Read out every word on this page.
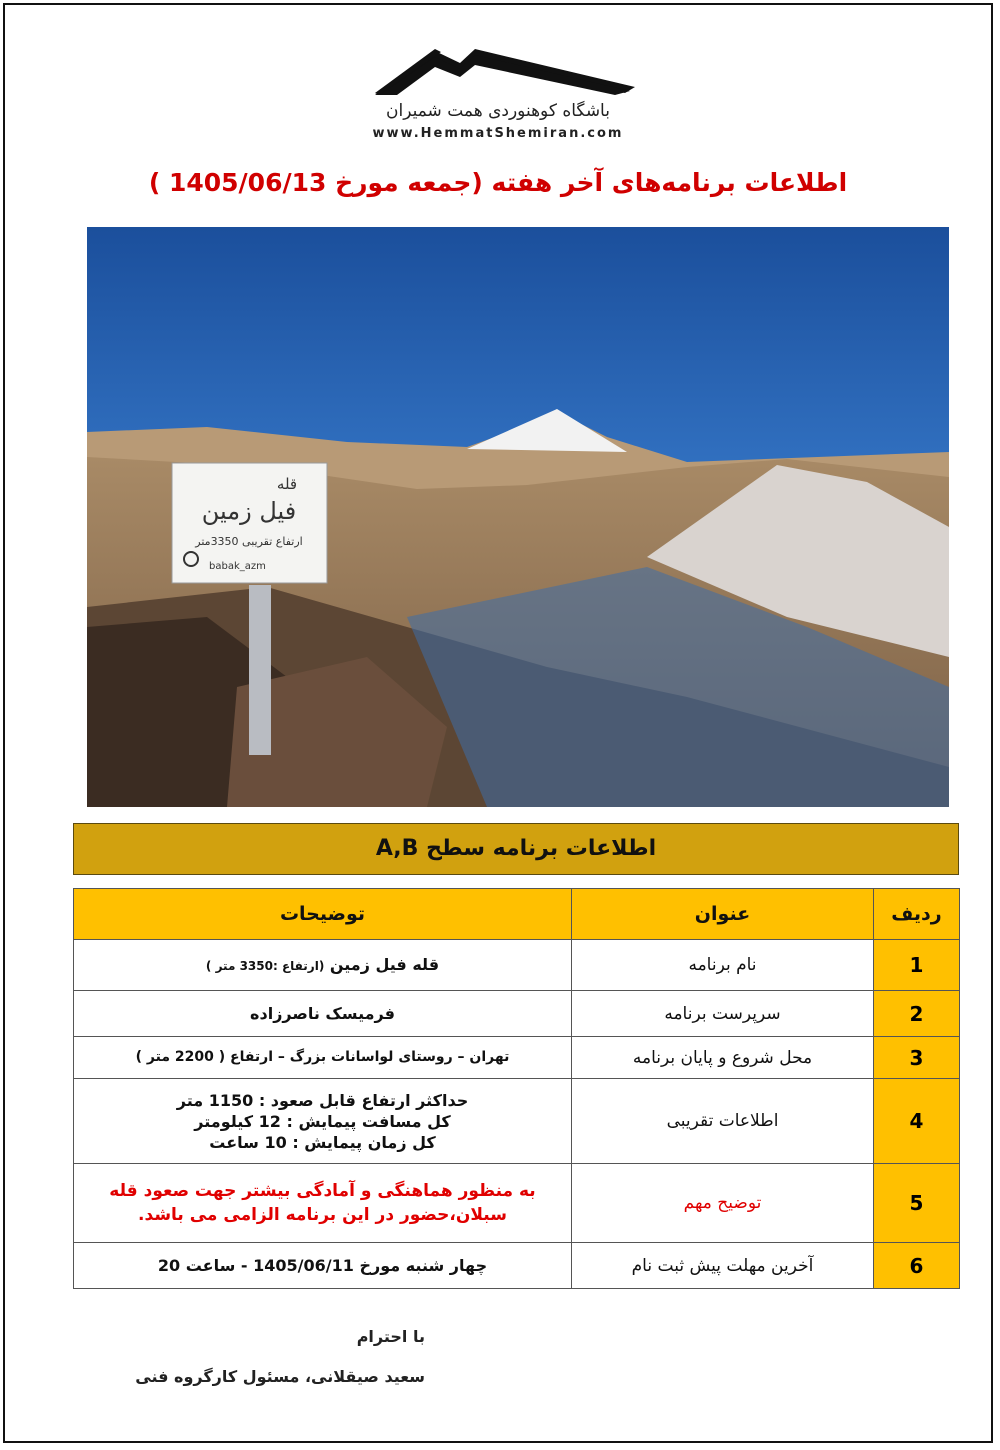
باشگاه کوهنوردی همت شمیران
www.HemmatShemiran.com
اطلاعات برنامه‌های آخر هفته (جمعه مورخ 1405/06/13 )
قله
فیل زمین
ارتفاع تقریبی 3350متر
babak_azm
اطلاعات برنامه سطح A,B
ردیف	عنوان	توضیحات
1	نام برنامه	قله فیل زمین (ارتفاع :3350 متر )
2	سرپرست برنامه	فرمیسک ناصرزاده
3	محل شروع و پایان برنامه	تهران – روستای لواسانات بزرگ – ارتفاع ( 2200 متر )
4	اطلاعات تقریبی	حداکثر ارتفاع قابل صعود : 1150 متر
کل مسافت پیمایش : 12 کیلومتر
کل زمان پیمایش : 10 ساعت

5	توضیح مهم	به منظور هماهنگی و آمادگی بیشتر جهت صعود قله
سبلان،حضور در این برنامه الزامی می باشد.

6	آخرین مهلت پیش ثبت نام	چهار شنبه مورخ 1405/06/11 - ساعت 20
با احترام
سعید صیقلانی، مسئول کارگروه فنی
